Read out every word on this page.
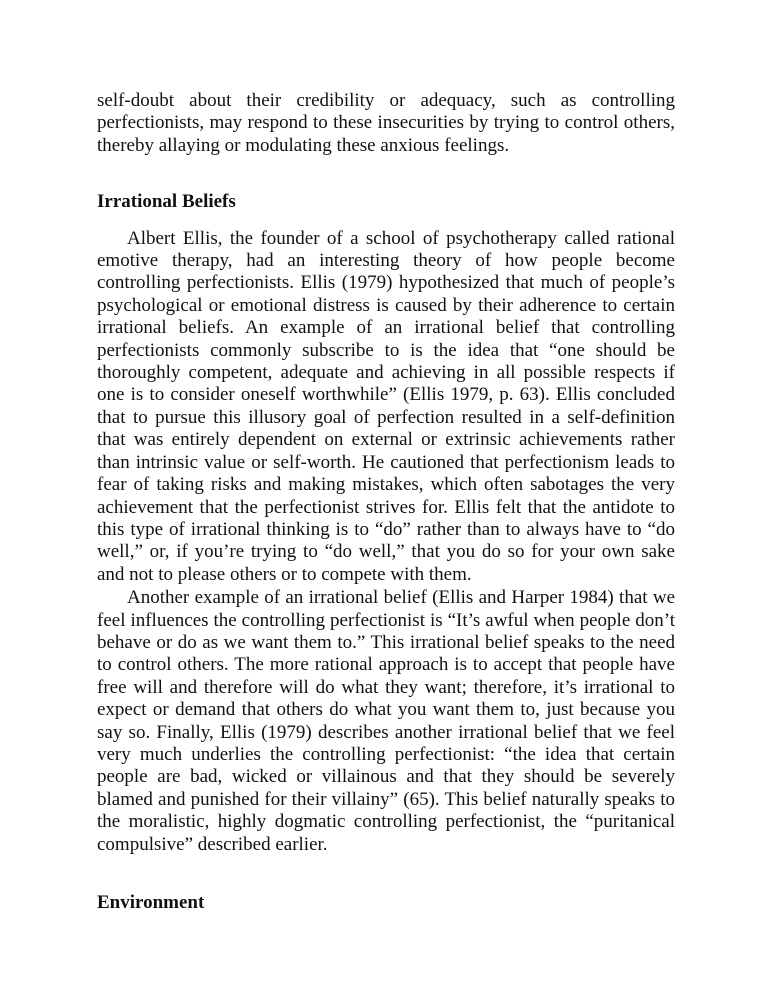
self-doubt about their credibility or adequacy, such as controlling perfectionists, may respond to these insecurities by trying to control others, thereby allaying or modulating these anxious feelings.

Irrational Beliefs

Albert Ellis, the founder of a school of psychotherapy called rational emotive therapy, had an interesting theory of how people become controlling perfectionists. Ellis (1979) hypothesized that much of people’s psychological or emotional distress is caused by their adherence to certain irrational beliefs. An example of an irrational belief that controlling perfectionists commonly subscribe to is the idea that “one should be thoroughly competent, adequate and achieving in all possible respects if one is to consider oneself worthwhile” (Ellis 1979, p. 63). Ellis concluded that to pursue this illusory goal of perfection resulted in a self-definition that was entirely dependent on external or extrinsic achievements rather than intrinsic value or self-worth. He cautioned that perfectionism leads to fear of taking risks and making mistakes, which often sabotages the very achievement that the perfectionist strives for. Ellis felt that the antidote to this type of irrational thinking is to “do” rather than to always have to “do well,” or, if you’re trying to “do well,” that you do so for your own sake and not to please others or to compete with them.

Another example of an irrational belief (Ellis and Harper 1984) that we feel influences the controlling perfectionist is “It’s awful when people don’t behave or do as we want them to.” This irrational belief speaks to the need to control others. The more rational approach is to accept that people have free will and therefore will do what they want; therefore, it’s irrational to expect or demand that others do what you want them to, just because you say so. Finally, Ellis (1979) describes another irrational belief that we feel very much underlies the controlling perfectionist: “the idea that certain people are bad, wicked or villainous and that they should be severely blamed and punished for their villainy” (65). This belief naturally speaks to the moralistic, highly dogmatic controlling perfectionist, the “puritanical compulsive” described earlier.

Environment
